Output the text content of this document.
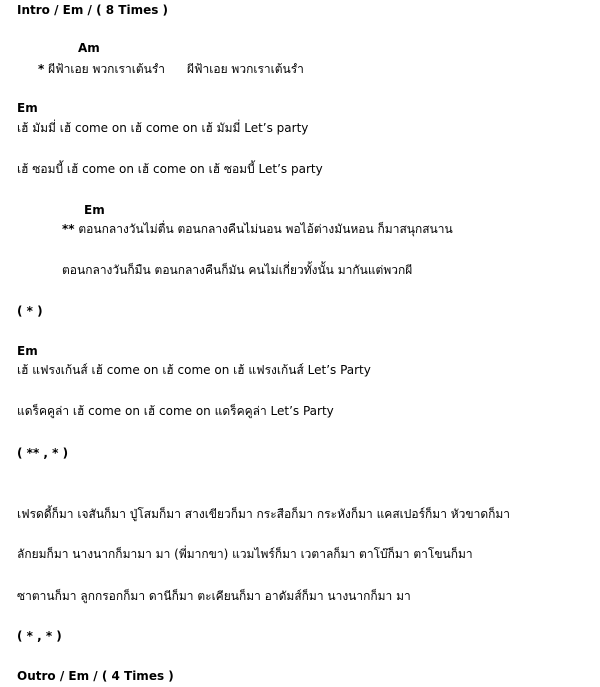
Intro / Em / ( 8 Times )
Am
* ผีฟ้าเอย พวกเราเต้นรำ ผีฟ้าเอย พวกเราเต้นรำ
Em
เฮ้ มัมมี่ เฮ้ come on เฮ้ come on เฮ้ มัมมี่ Let’s party
เฮ้ ซอมบี้ เฮ้ come on เฮ้ come on เฮ้ ซอมบี้ Let’s party
Em
** ตอนกลางวันไม่ตื่น ตอนกลางคืนไม่นอน พอไอ้ต่างมันหอน ก็มาสนุกสนาน
ตอนกลางวันก็มืน ตอนกลางคืนก็มัน คนไม่เกี่ยวทั้งนั้น มากันแต่พวกผี
( * )
Em
เฮ้ แฟรงเก้นส์ เฮ้ come on เฮ้ come on เฮ้ แฟรงเก้นส์ Let’s Party
แดร็คคูล่า เฮ้ come on เฮ้ come on แดร็คคูล่า Let’s Party
( ** , * )
เฟรดดี้ก็มา เจสันก็มา ปู่โสมก็มา สางเขียวก็มา กระสือก็มา กระหังก็มา แคสเปอร์ก็มา หัวขาดก็มา
ลักยมก็มา นางนากก็มามา มา (พี่มากขา) แวมไพร์ก็มา เวตาลก็มา ตาโบ๊ก็มา ตาโขนก็มา
ซาตานก็มา ลูกกรอกก็มา ดานีก็มา ตะเคียนก็มา อาดัมส์ก็มา นางนากก็มา มา
( * , * )
Outro / Em / ( 4 Times )
